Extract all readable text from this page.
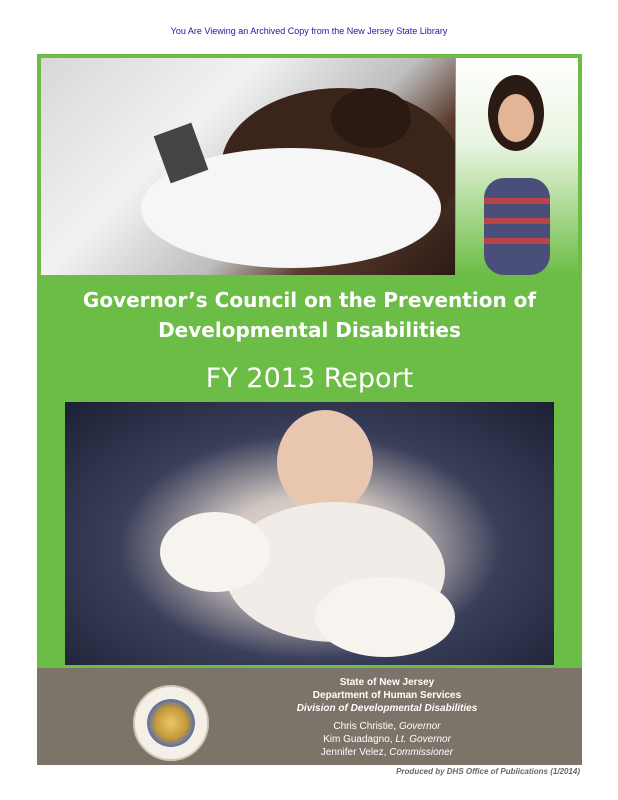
You Are Viewing an Archived Copy from the New Jersey State Library
Governor’s Council on the Prevention of
Developmental Disabilities
FY 2013 Report
State of New Jersey
Department of Human Services
Division of Developmental Disabilities
Chris Christie, Governor
Kim Guadagno, Lt. Governor
Jennifer Velez, Commissioner
Produced by DHS Office of Publications (1/2014)
